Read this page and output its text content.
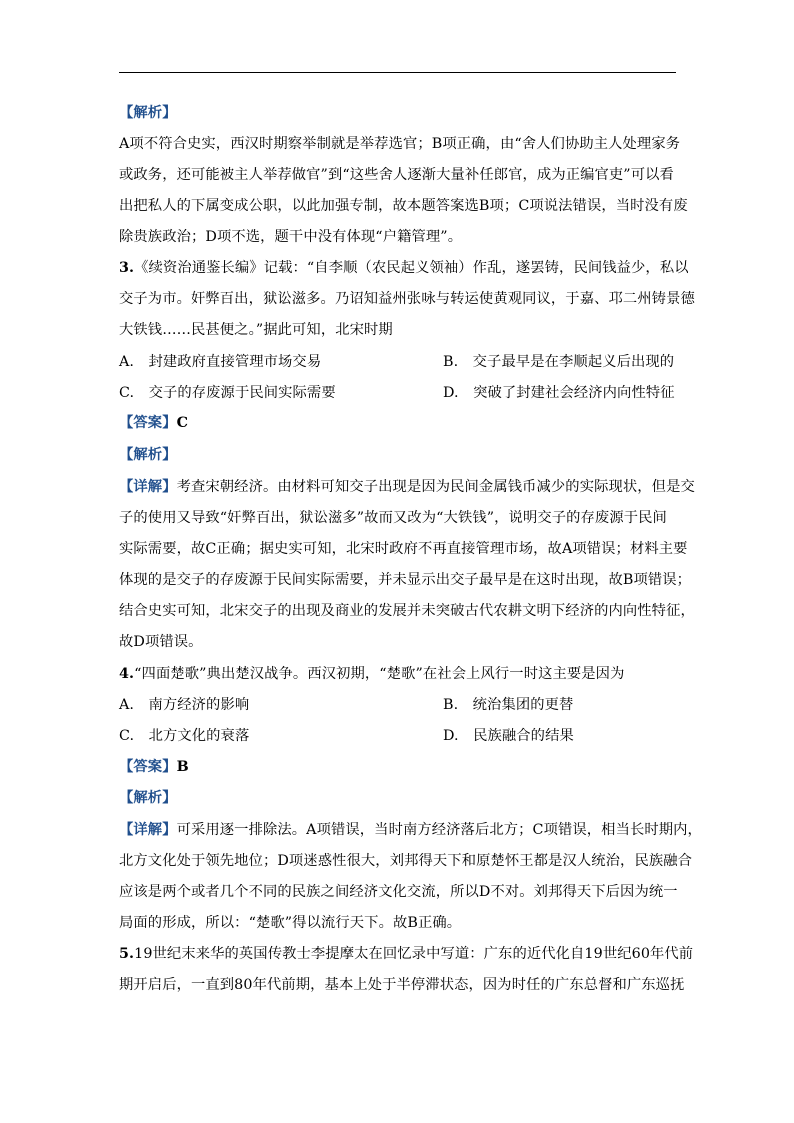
【解析】
A项不符合史实，西汉时期察举制就是举荐选官；B项正确，由“舍人们协助主人处理家务
或政务，还可能被主人举荐做官”到“这些舍人逐渐大量补任郎官，成为正编官吏”可以看
出把私人的下属变成公职，以此加强专制，故本题答案选B项；C项说法错误，当时没有废
除贵族政治；D项不选，题干中没有体现“户籍管理”。
3.《续资治通鉴长编》记载：“自李顺（农民起义领袖）作乱，遂罢铸，民间钱益少，私以
交子为市。奸弊百出，狱讼滋多。乃诏知益州张咏与转运使黄观同议，于嘉、邛二州铸景德
大铁钱……民甚便之。”据此可知，北宋时期
A.　封建政府直接管理市场交易	B.　交子最早是在李顺起义后出现的
C.　交子的存废源于民间实际需要	D.　突破了封建社会经济内向性特征
【答案】C
【解析】
【详解】考查宋朝经济。由材料可知交子出现是因为民间金属钱币减少的实际现状，但是交
子的使用又导致“奸弊百出，狱讼滋多”故而又改为“大铁钱”，说明交子的存废源于民间
实际需要，故C正确；据史实可知，北宋时政府不再直接管理市场，故A项错误；材料主要
体现的是交子的存废源于民间实际需要，并未显示出交子最早是在这时出现，故B项错误；
结合史实可知，北宋交子的出现及商业的发展并未突破古代农耕文明下经济的内向性特征，
故D项错误。
4.“四面楚歌”典出楚汉战争。西汉初期，“楚歌”在社会上风行一时这主要是因为
A.　南方经济的影响	B.　统治集团的更替
C.　北方文化的衰落	D.　民族融合的结果
【答案】B
【解析】
【详解】可采用逐一排除法。A项错误，当时南方经济落后北方；C项错误，相当长时期内，
北方文化处于领先地位；D项迷惑性很大，刘邦得天下和原楚怀王都是汉人统治，民族融合
应该是两个或者几个不同的民族之间经济文化交流，所以D不对。刘邦得天下后因为统一
局面的形成，所以：“楚歌”得以流行天下。故B正确。
5.19世纪末来华的英国传教士李提摩太在回忆录中写道：广东的近代化自19世纪60年代前
期开启后，一直到80年代前期，基本上处于半停滞状态，因为时任的广东总督和广东巡抚
